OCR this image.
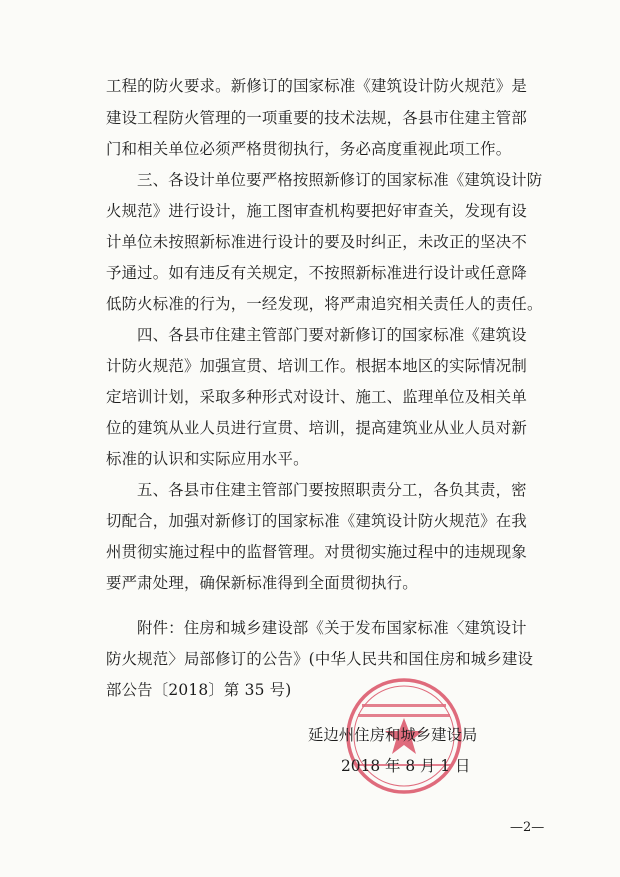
工程的防火要求。新修订的国家标准《建筑设计防火规范》是
建设工程防火管理的一项重要的技术法规，各县市住建主管部
门和相关单位必须严格贯彻执行，务必高度重视此项工作。
三、各设计单位要严格按照新修订的国家标准《建筑设计防
火规范》进行设计，施工图审查机构要把好审查关，发现有设
计单位未按照新标准进行设计的要及时纠正，未改正的坚决不
予通过。如有违反有关规定，不按照新标准进行设计或任意降
低防火标准的行为，一经发现，将严肃追究相关责任人的责任。
四、各县市住建主管部门要对新修订的国家标准《建筑设
计防火规范》加强宣贯、培训工作。根据本地区的实际情况制
定培训计划，采取多种形式对设计、施工、监理单位及相关单
位的建筑从业人员进行宣贯、培训，提高建筑业从业人员对新
标准的认识和实际应用水平。
五、各县市住建主管部门要按照职责分工，各负其责，密
切配合，加强对新修订的国家标准《建筑设计防火规范》在我
州贯彻实施过程中的监督管理。对贯彻实施过程中的违规现象
要严肃处理，确保新标准得到全面贯彻执行。
附件：住房和城乡建设部《关于发布国家标准〈建筑设计
防火规范〉局部修订的公告》(中华人民共和国住房和城乡建设
部公告〔2018〕第 35 号)
延边州住房和城乡建设局
2018 年 8 月 1 日
—2—
